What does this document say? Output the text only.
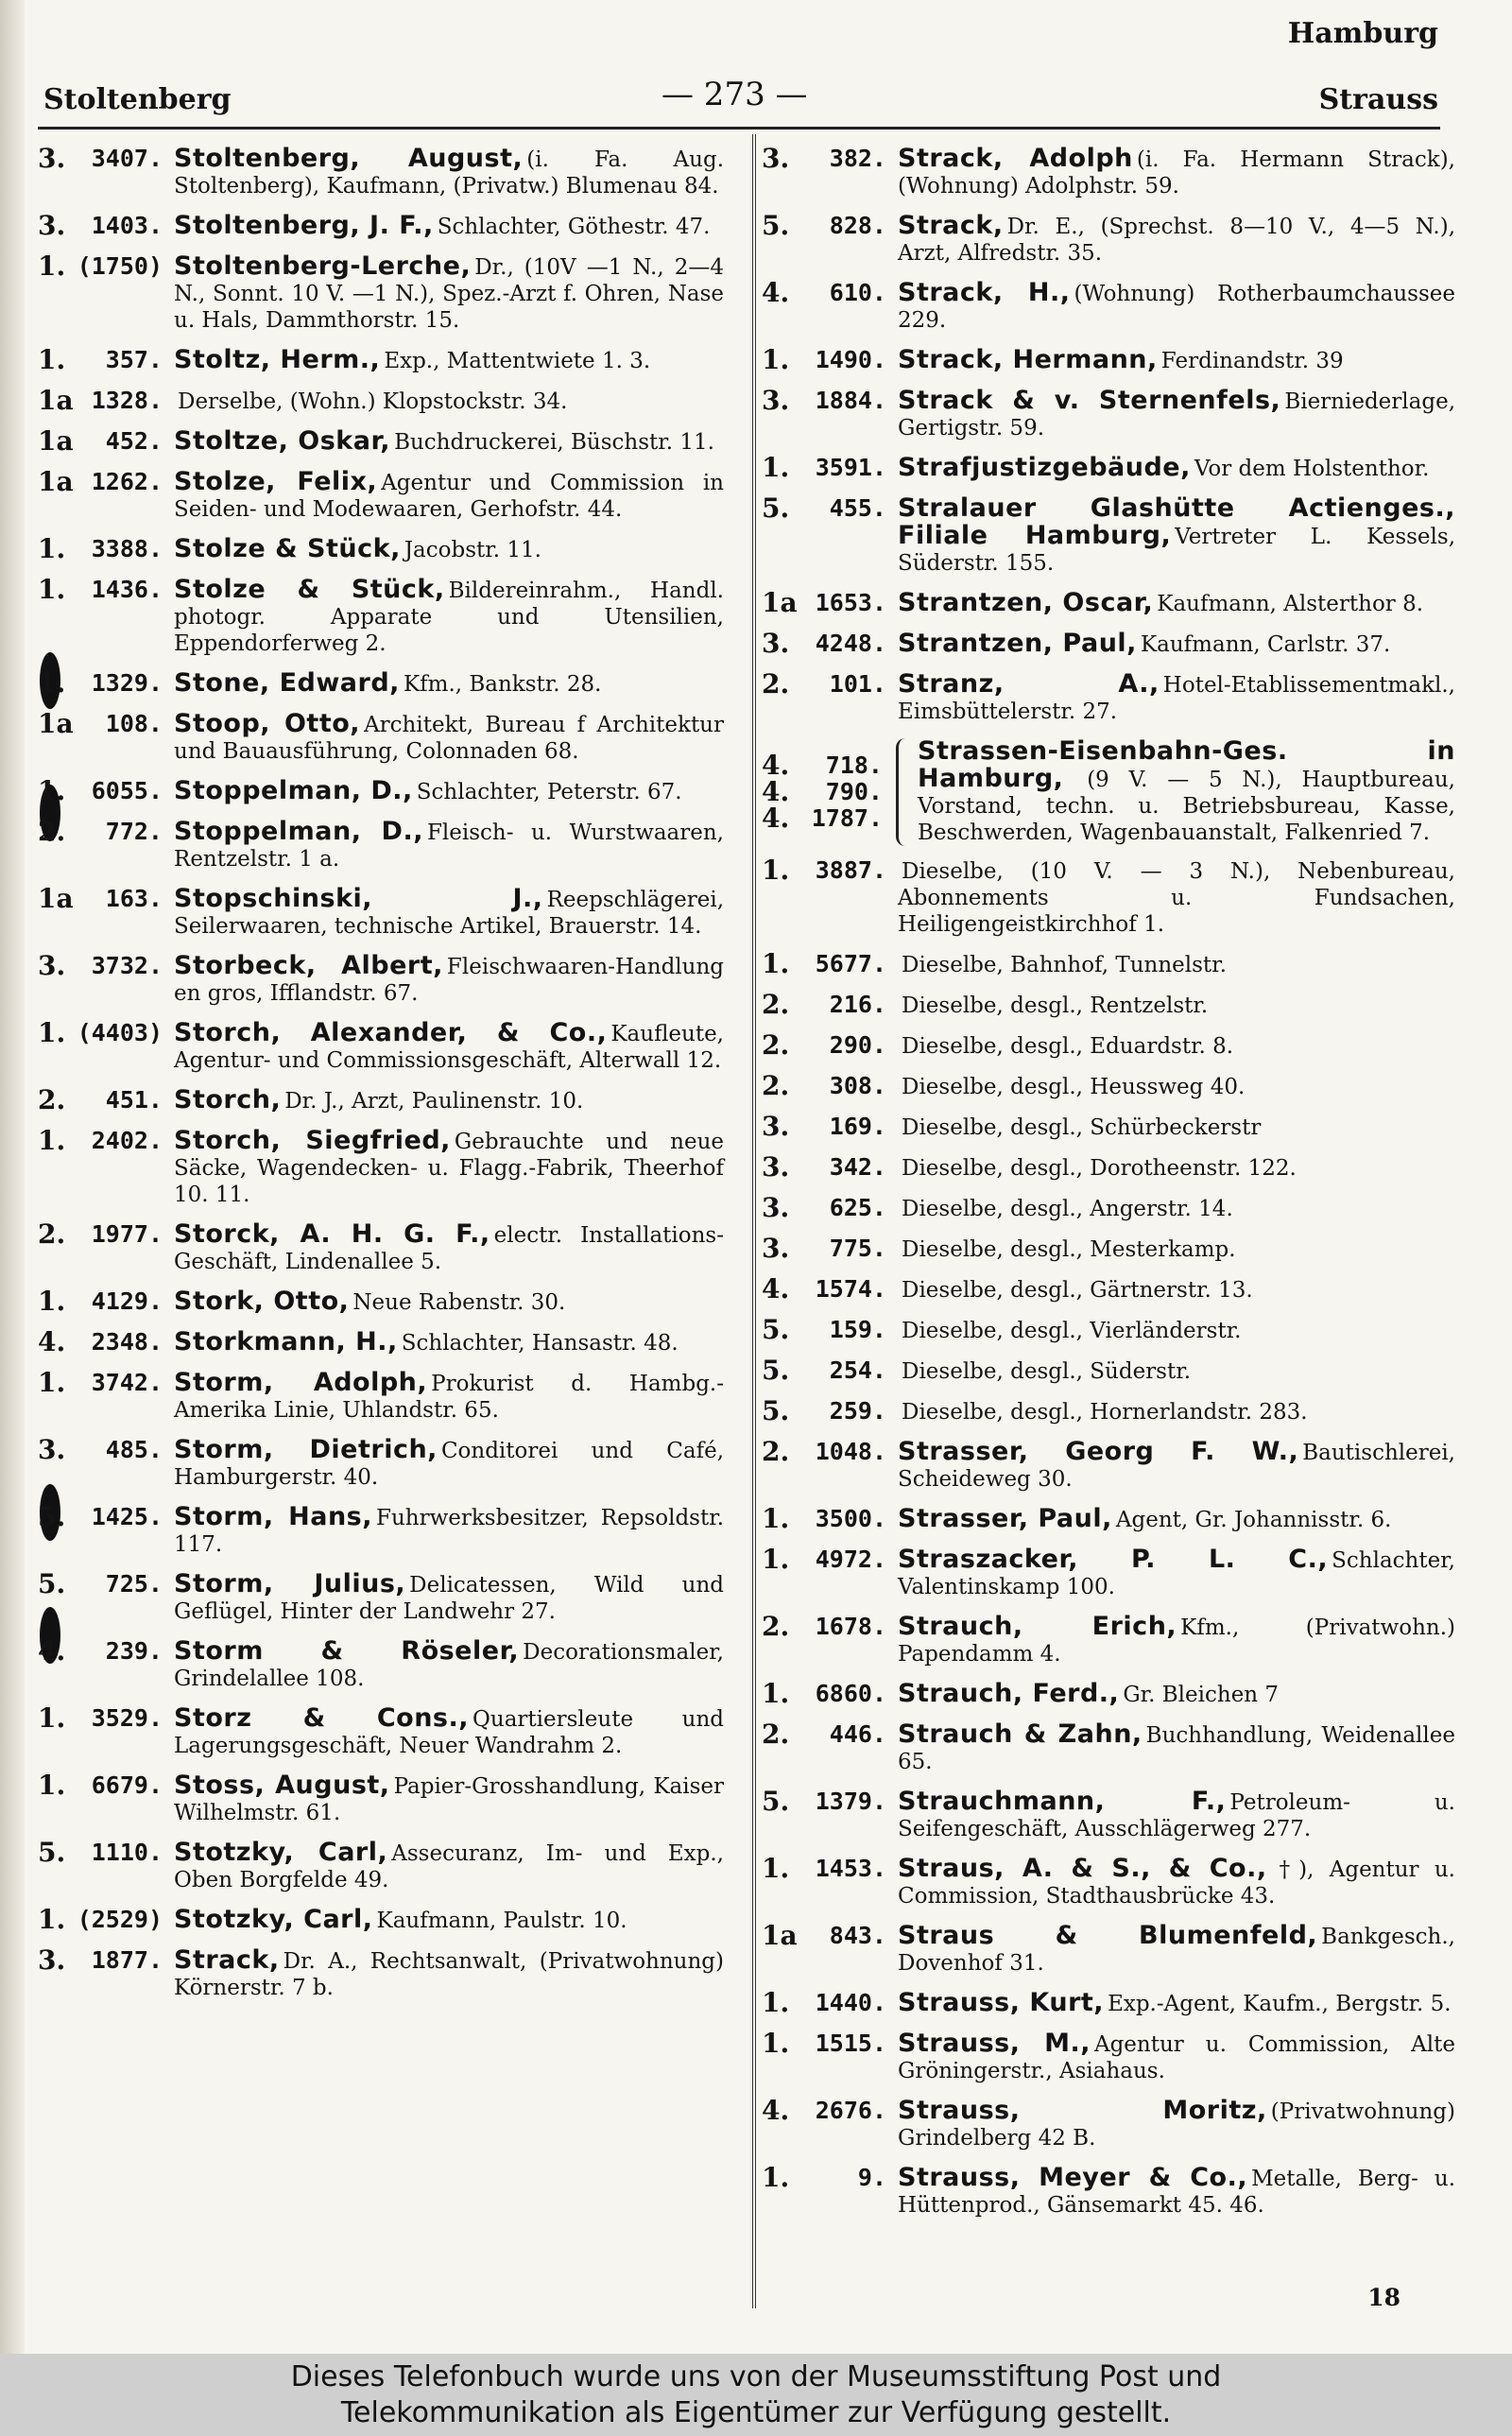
Hamburg
Stoltenberg	— 273 —	Strauss
3.	3407. Stoltenberg, August, (i. Fa. Aug. Stoltenberg), Kaufmann, (Privatw.) Blumenau 84.
3.	1403. Stoltenberg, J. F., Schlachter, Göthestr. 47.
1. (1750) Stoltenberg-Lerche, Dr., (10V —1 N., 2—4 N., Sonnt. 10 V. —1 N.), Spez.-Arzt f. Ohren, Nase u. Hals, Dammthorstr. 15.
1.	357. Stoltz, Herm., Exp., Mattentwiete 1. 3.
1a 1328. Derselbe, (Wohn.) Klopstockstr. 34.
1a	452. Stoltze, Oskar, Buchdruckerei, Büschstr. 11.
1a 1262. Stolze, Felix, Agentur und Commission in Seiden- und Modewaaren, Gerhofstr. 44.
1.	3388. Stolze & Stück, Jacobstr. 11.
1.	1436. Stolze & Stück, Bildereinrahm., Handl. photogr. Apparate und Utensilien, Eppendorferweg 2.
1.	1329. Stone, Edward, Kfm., Bankstr. 28.
1a	108. Stoop, Otto, Architekt, Bureau f Architektur und Bauausführung, Colonnaden 68.
1.	6055. Stoppelman, D., Schlachter, Peterstr. 67.
2.	772. Stoppelman, D., Fleisch- u. Wurstwaaren, Rentzelstr. 1 a.
1a	163. Stopschinski, J., Reepschlägerei, Seilerwaaren, technische Artikel, Brauerstr. 14.
3.	3732. Storbeck, Albert, Fleischwaaren-Handlung en gros, Ifflandstr. 67.
1. (4403) Storch, Alexander, & Co., Kaufleute, Agentur- und Commissionsgeschäft, Alterwall 12.
2.	451. Storch, Dr. J., Arzt, Paulinenstr. 10.
1.	2402. Storch, Siegfried, Gebrauchte und neue Säcke, Wagendecken- u. Flagg.-Fabrik, Theerhof 10. 11.
2.	1977. Storck, A. H. G. F., electr. Installations-Geschäft, Lindenallee 5.
1.	4129. Stork, Otto, Neue Rabenstr. 30.
4.	2348. Storkmann, H., Schlachter, Hansastr. 48.
1.	3742. Storm, Adolph, Prokurist d. Hambg.-Amerika Linie, Uhlandstr. 65.
3.	485. Storm, Dietrich, Conditorei und Café, Hamburgerstr. 40.
5.	1425. Storm, Hans, Fuhrwerksbesitzer, Repsoldstr. 117.
5.	725. Storm, Julius, Delicatessen, Wild und Geflügel, Hinter der Landwehr 27.
4.	239. Storm & Röseler, Decorationsmaler, Grindelallee 108.
1.	3529. Storz & Cons., Quartiersleute und Lagerungsgeschäft, Neuer Wandrahm 2.
1.	6679. Stoss, August, Papier-Grosshandlung, Kaiser Wilhelmstr. 61.
5.	1110. Stotzky, Carl, Assecuranz, Im- und Exp., Oben Borgfelde 49.
1. (2529) Stotzky, Carl, Kaufmann, Paulstr. 10.
3.	1877. Strack, Dr. A., Rechtsanwalt, (Privatwohnung) Körnerstr. 7 b.
3.	382. Strack, Adolph (i. Fa. Hermann Strack), (Wohnung) Adolphstr. 59.
5.	828. Strack, Dr. E., (Sprechst. 8—10 V., 4—5 N.), Arzt, Alfredstr. 35.
4.	610. Strack, H., (Wohnung) Rotherbaumchaussee 229.
1.	1490. Strack, Hermann, Ferdinandstr. 39
3.	1884. Strack & v. Sternenfels, Bierniederlage, Gertigstr. 59.
1.	3591. Strafjustizgebäude, Vor dem Holstenthor.
5.	455. Stralauer Glashütte Actienges., Filiale Hamburg, Vertreter L. Kessels, Süderstr. 155.
1a 1653. Strantzen, Oscar, Kaufmann, Alsterthor 8.
3.	4248. Strantzen, Paul, Kaufmann, Carlstr. 37.
2.	101. Stranz, A., Hotel-Etablissementmakl., Eimsbüttelerstr. 27.
4.	718.
4.	790.
4. 1787.
Strassen-Eisenbahn-Ges. in Hamburg, (9 V. — 5 N.), Hauptbureau, Vorstand, techn. u. Betriebsbureau, Kasse, Beschwerden, Wagenbauanstalt, Falkenried 7.
1.	3887. Dieselbe, (10 V. — 3 N.), Nebenbureau, Abonnements u. Fundsachen, Heiligengeistkirchhof 1.
1.	5677. Dieselbe, Bahnhof, Tunnelstr.
2.	216. Dieselbe, desgl., Rentzelstr.
2.	290. Dieselbe, desgl., Eduardstr. 8.
2.	308. Dieselbe, desgl., Heussweg 40.
3.	169. Dieselbe, desgl., Schürbeckerstr
3.	342. Dieselbe, desgl., Dorotheenstr. 122.
3.	625. Dieselbe, desgl., Angerstr. 14.
3.	775. Dieselbe, desgl., Mesterkamp.
4.	1574. Dieselbe, desgl., Gärtnerstr. 13.
5.	159. Dieselbe, desgl., Vierländerstr.
5.	254. Dieselbe, desgl., Süderstr.
5.	259. Dieselbe, desgl., Hornerlandstr. 283.
2.	1048. Strasser, Georg F. W., Bautischlerei, Scheideweg 30.
1.	3500. Strasser, Paul, Agent, Gr. Johannisstr. 6.
1.	4972. Straszacker, P. L. C., Schlachter, Valentinskamp 100.
2.	1678. Strauch, Erich, Kfm., (Privatwohn.) Papendamm 4.
1.	6860. Strauch, Ferd., Gr. Bleichen 7
2.	446. Strauch & Zahn, Buchhandlung, Weidenallee 65.
5.	1379. Strauchmann, F., Petroleum- u. Seifengeschäft, Ausschlägerweg 277.
1.	1453. Straus, A. & S., & Co., †), Agentur u. Commission, Stadthausbrücke 43.
1a	843. Straus & Blumenfeld, Bankgesch., Dovenhof 31.
1.	1440. Strauss, Kurt, Exp.-Agent, Kaufm., Bergstr. 5.
1.	1515. Strauss, M., Agentur u. Commission, Alte Gröningerstr., Asiahaus.
4.	2676. Strauss, Moritz, (Privatwohnung) Grindelberg 42 B.
1.	9. Strauss, Meyer & Co., Metalle, Berg- u. Hüttenprod., Gänsemarkt 45. 46.
18
Dieses Telefonbuch wurde uns von der Museumsstiftung Post und
Telekommunikation als Eigentümer zur Verfügung gestellt.
